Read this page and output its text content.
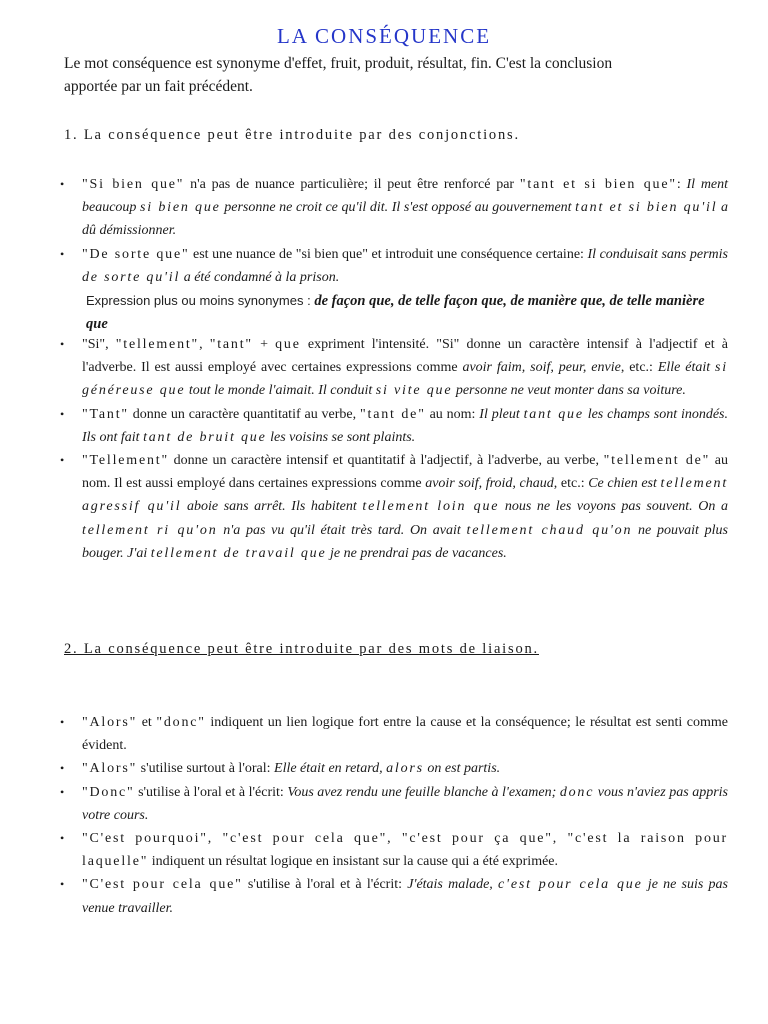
LA CONSÉQUENCE
Le mot conséquence est synonyme d'effet, fruit, produit, résultat, fin. C'est la conclusion
apportée par un fait précédent.
1. La conséquence peut être introduite par des conjonctions.
• "Si bien que" n'a pas de nuance particulière; il peut être renforcé par "tant et si bien que": Il ment beaucoup si bien que personne ne croit ce qu'il dit. Il s'est opposé au gouvernement tant et si bien qu'il a dû démissionner.
• "De sorte que" est une nuance de "si bien que" et introduit une conséquence certaine: Il conduisait sans permis de sorte qu'il a été condamné à la prison.
Expression plus ou moins synonymes : de façon que, de telle façon que, de manière que, de telle manière que
• "Si", "tellement", "tant" + que expriment l'intensité. "Si" donne un caractère intensif à l'adjectif et à l'adverbe. Il est aussi employé avec certaines expressions comme avoir faim, soif, peur, envie, etc.: Elle était si généreuse que tout le monde l'aimait. Il conduit si vite que personne ne veut monter dans sa voiture.
• "Tant" donne un caractère quantitatif au verbe, "tant de" au nom: Il pleut tant que les champs sont inondés. Ils ont fait tant de bruit que les voisins se sont plaints.
• "Tellement" donne un caractère intensif et quantitatif à l'adjectif, à l'adverbe, au verbe, "tellement de" au nom. Il est aussi employé dans certaines expressions comme avoir soif, froid, chaud, etc.: Ce chien est tellement agressif qu'il aboie sans arrêt. Ils habitent tellement loin que nous ne les voyons pas souvent. On a tellement ri qu'on n'a pas vu qu'il était très tard. On avait tellement chaud qu'on ne pouvait plus bouger. J'ai tellement de travail que je ne prendrai pas de vacances.
2. La conséquence peut être introduite par des mots de liaison.
• "Alors" et "donc" indiquent un lien logique fort entre la cause et la conséquence; le résultat est senti comme évident.
• "Alors" s'utilise surtout à l'oral: Elle était en retard, alors on est partis.
• "Donc" s'utilise à l'oral et à l'écrit: Vous avez rendu une feuille blanche à l'examen; donc vous n'aviez pas appris votre cours.
• "C'est pourquoi", "c'est pour cela que", "c'est pour ça que", "c'est la raison pour laquelle" indiquent un résultat logique en insistant sur la cause qui a été exprimée.
• "C'est pour cela que" s'utilise à l'oral et à l'écrit: J'étais malade, c'est pour cela que je ne suis pas venue travailler.
